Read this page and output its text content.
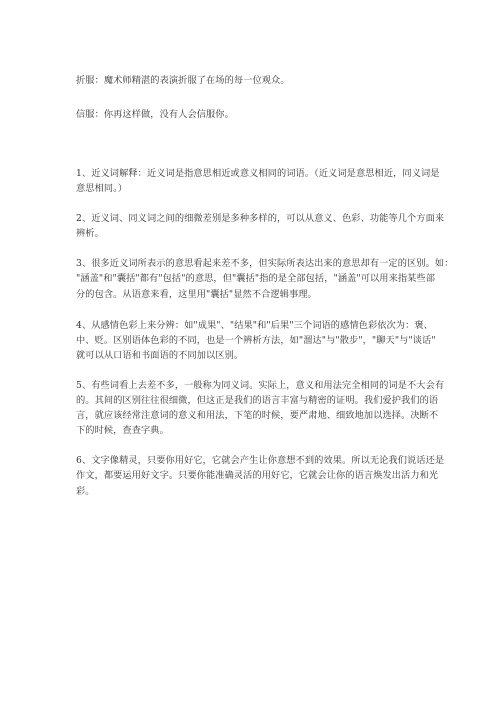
折服：魔术师精湛的表演折服了在场的每一位观众。
信服：你再这样做，没有人会信服你。
1、近义词解释：近义词是指意思相近或意义相同的词语。（近义词是意思相近，同义词是
意思相同。）
2、近义词、同义词之间的细微差别是多种多样的，可以从意义、色彩、功能等几个方面来
辨析。
3、很多近义词所表示的意思看起来差不多，但实际所表达出来的意思却有一定的区别。如：
"涵盖"和"囊括"都有"包括"的意思，但"囊括"指的是全部包括，"涵盖"可以用来指某些部
分的包含。从语意来看，这里用"囊括"显然不合逻辑事理。
4、从感情色彩上来分辨：如"成果"、"结果"和"后果"三个词语的感情色彩依次为：褒、
中、贬。区别语体色彩的不同，也是一个辨析方法，如"溜达"与"散步"，"聊天"与"谈话"
就可以从口语和书面语的不同加以区别。
5、有些词看上去差不多，一般称为同义词。实际上，意义和用法完全相同的词是不大会有
的。其间的区别往往很细微，但这正是我们的语言丰富与精密的证明。我们爱护我们的语
言，就应该经常注意词的意义和用法，下笔的时候，要严肃地、细致地加以选择。决断不
下的时候，查查字典。
6、文字像精灵，只要你用好它，它就会产生让你意想不到的效果。所以无论我们说话还是
作文，都要运用好文字。只要你能准确灵活的用好它，它就会让你的语言焕发出活力和光
彩。
